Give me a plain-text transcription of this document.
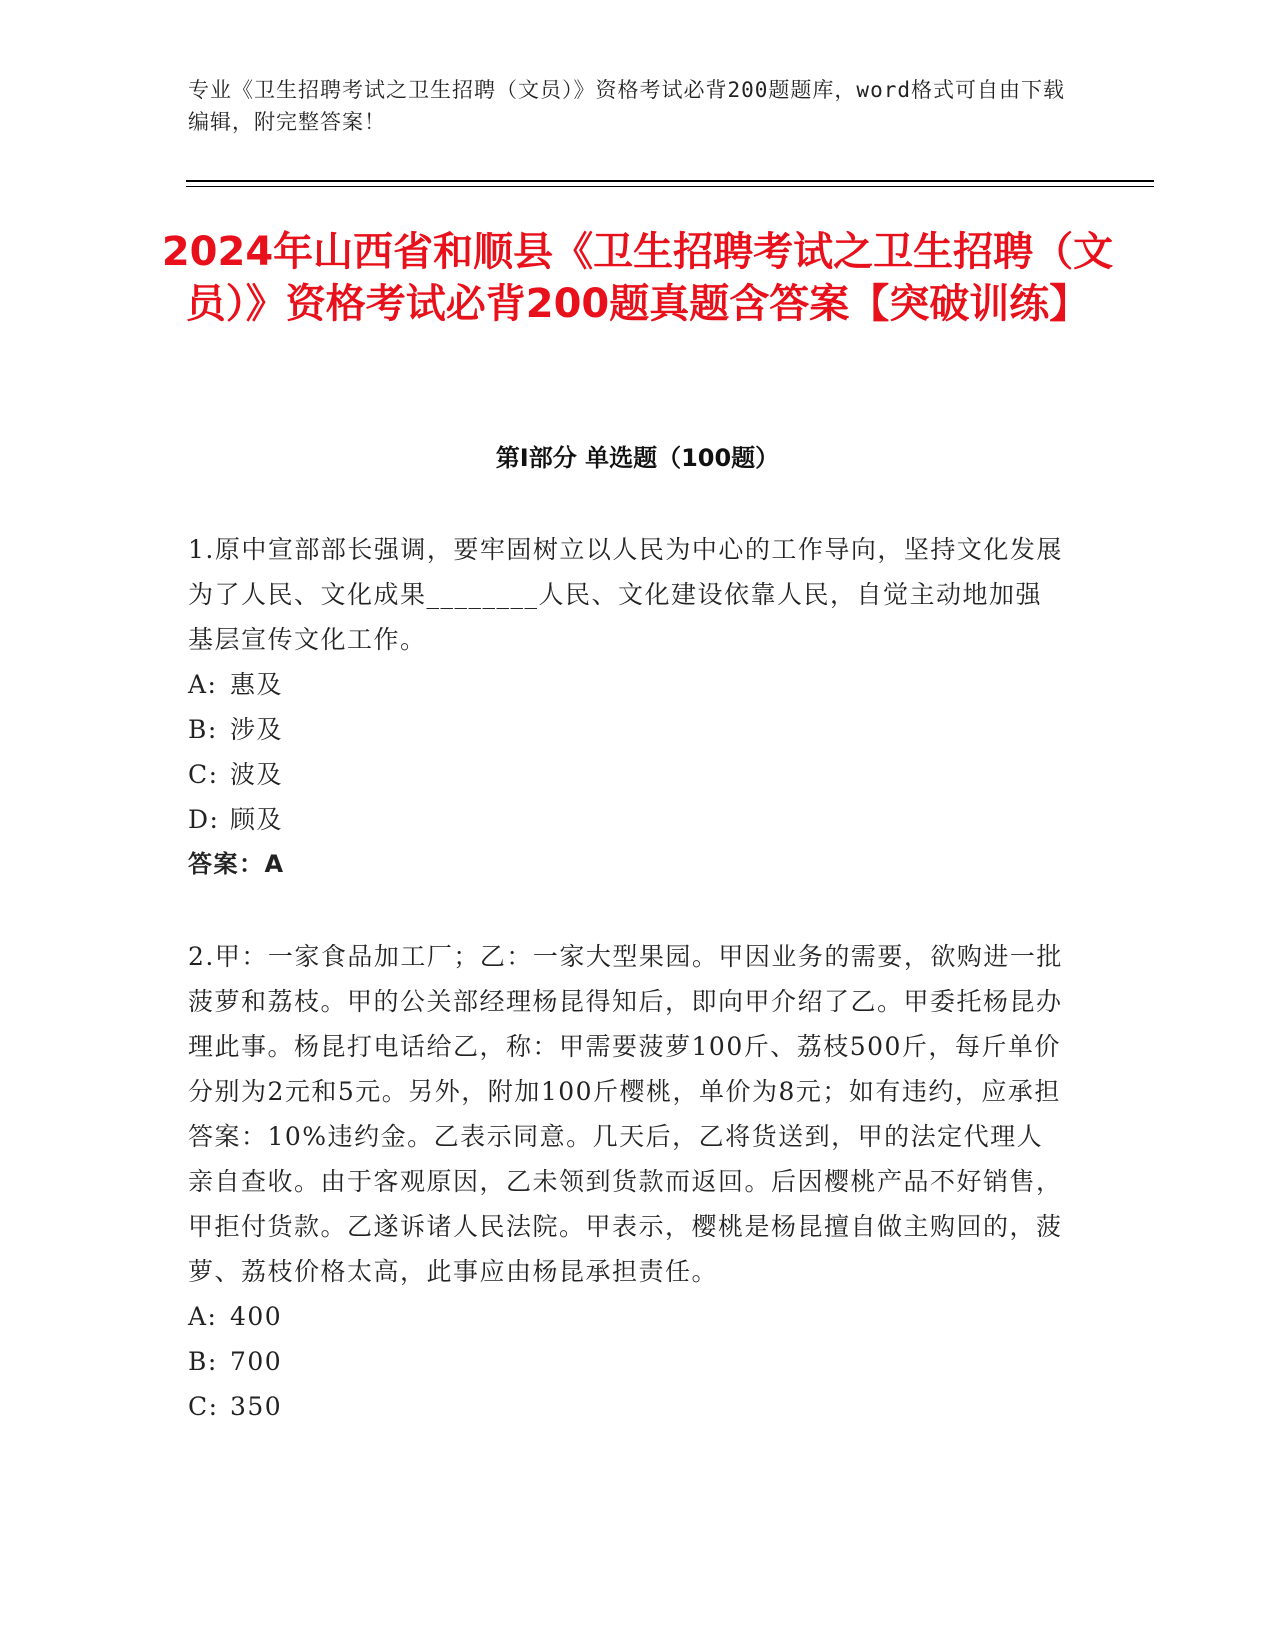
专业《卫生招聘考试之卫生招聘（文员）》资格考试必背200题题库，word格式可自由下载编辑，附完整答案！
2024年山西省和顺县《卫生招聘考试之卫生招聘（文员）》资格考试必背200题真题含答案【突破训练】
第Ⅰ部分 单选题（100题）

1.原中宣部部长强调，要牢固树立以人民为中心的工作导向，坚持文化发展为了人民、文化成果________人民、文化建设依靠人民，自觉主动地加强基层宣传文化工作。

A: 惠及

B: 涉及

C: 波及

D: 顾及

答案：A

2.甲：一家食品加工厂；乙：一家大型果园。甲因业务的需要，欲购进一批菠萝和荔枝。甲的公关部经理杨昆得知后，即向甲介绍了乙。甲委托杨昆办理此事。杨昆打电话给乙，称：甲需要菠萝100斤、荔枝500斤，每斤单价分别为2元和5元。另外，附加100斤樱桃，单价为8元；如有违约，应承担答案：10%违约金。乙表示同意。几天后，乙将货送到，甲的法定代理人亲自查收。由于客观原因，乙未领到货款而返回。后因樱桃产品不好销售，甲拒付货款。乙遂诉诸人民法院。甲表示，樱桃是杨昆擅自做主购回的，菠萝、荔枝价格太高，此事应由杨昆承担责任。

A: 400

B: 700

C: 350
